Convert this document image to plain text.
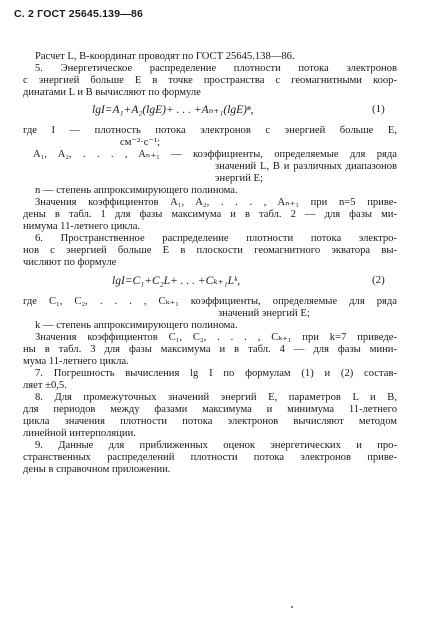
С. 2 ГОСТ 25645.139—86
Расчет L, B-координат проводят по ГОСТ 25645.138—86.
5. Энергетическое распределение плотности потока электронов
с энергией больше E в точке пространства с геомагнитными коор-
динатами L и B вычисляют по формуле
lgI=A₁+A₂(lgE)+ . . . +Aₙ₊₁(lgE)ⁿ,	(1)
где I — плотность потока электронов с энергией больше E,
см⁻²·с⁻¹;
A₁, A₂, . . . , Aₙ₊₁ — коэффициенты, определяемые для ряда
значений L, B и различных диапазонов
энергий E;
n — степень аппроксимирующего полинома.
Значения коэффициентов A₁, A₂, . . . , Aₙ₊₁ при n=5 приве-
дены в табл. 1 для фазы максимума и в табл. 2 — для фазы ми-
нимума 11-летнего цикла.
6. Пространственное распределение плотности потока электро-
нов с энергией больше E в плоскости геомагнитного экватора вы-
числяют по формуле
lgI=C₁+C₂L+ . . . +Cₖ₊₁Lᵏ,	(2)
где C₁, C₂, . . . , Cₖ₊₁ коэффициенты, определяемые для ряда
значений энергий E;
k — степень аппроксимирующего полинома.
Значения коэффициентов C₁, C₂, . . . , Cₖ₊₁ при k=7 приведе-
ны в табл. 3 для фазы максимума и в табл. 4 — для фазы мини-
мума 11-летнего цикла.
7. Погрешность вычисления lg I по формулам (1) и (2) состав-
ляет ±0,5.
8. Для промежуточных значений энергий E, параметров L и B,
для периодов между фазами максимума и минимума 11-летнего
цикла значения плотности потока электронов вычисляют методом
линейной интерполяции.
9. Данные для приближенных оценок энергетических и про-
странственных распределений плотности потока электронов приве-
дены в справочном приложении.
